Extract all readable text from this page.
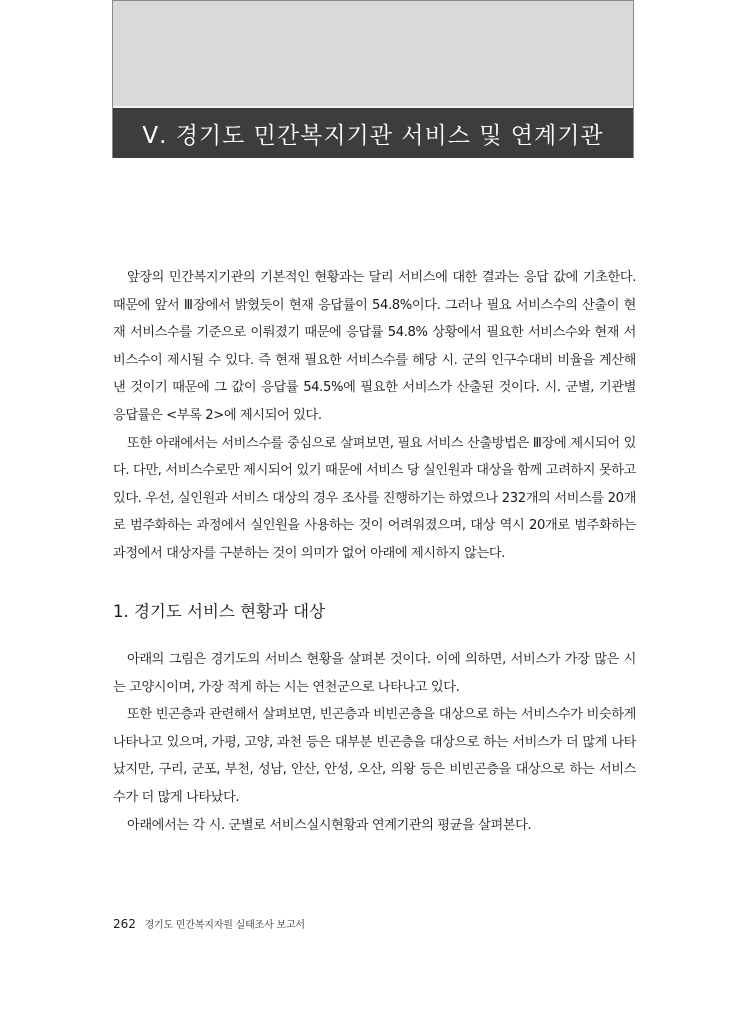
Ⅴ. 경기도 민간복지기관 서비스 및 연계기관

앞장의 민간복지기관의 기본적인 현황과는 달리 서비스에 대한 결과는 응답 값에 기초한다. 때문에 앞서 Ⅲ장에서 밝혔듯이 현재 응답률이 54.8%이다. 그러나 필요 서비스수의 산출이 현재 서비스수를 기준으로 이뤄졌기 때문에 응답률 54.8% 상황에서 필요한 서비스수와 현재 서비스수이 제시될 수 있다. 즉 현재 필요한 서비스수를 해당 시. 군의 인구수대비 비율을 계산해낸 것이기 때문에 그 값이 응답률 54.5%에 필요한 서비스가 산출된 것이다. 시. 군별, 기관별 응답률은 <부록 2>에 제시되어 있다.

또한 아래에서는 서비스수를 중심으로 살펴보면, 필요 서비스 산출방법은 Ⅲ장에 제시되어 있다. 다만, 서비스수로만 제시되어 있기 때문에 서비스 당 실인원과 대상을 함께 고려하지 못하고 있다. 우선, 실인원과 서비스 대상의 경우 조사를 진행하기는 하였으나 232개의 서비스를 20개로 범주화하는 과정에서 실인원을 사용하는 것이 어려워졌으며, 대상 역시 20개로 범주화하는 과정에서 대상자를 구분하는 것이 의미가 없어 아래에 제시하지 않는다.

1. 경기도 서비스 현황과 대상

아래의 그림은 경기도의 서비스 현황을 살펴본 것이다. 이에 의하면, 서비스가 가장 많은 시는 고양시이며, 가장 적게 하는 시는 연천군으로 나타나고 있다.

또한 빈곤층과 관련해서 살펴보면, 빈곤층과 비빈곤층을 대상으로 하는 서비스수가 비슷하게 나타나고 있으며, 가평, 고양, 과천 등은 대부분 빈곤층을 대상으로 하는 서비스가 더 많게 나타났지만, 구리, 군포, 부천, 성남, 안산, 안성, 오산, 의왕 등은 비빈곤층을 대상으로 하는 서비스수가 더 많게 나타났다.

아래에서는 각 시. 군별로 서비스실시현황과 연계기관의 평균을 살펴본다.

262 경기도 민간복지자원 실태조사 보고서
